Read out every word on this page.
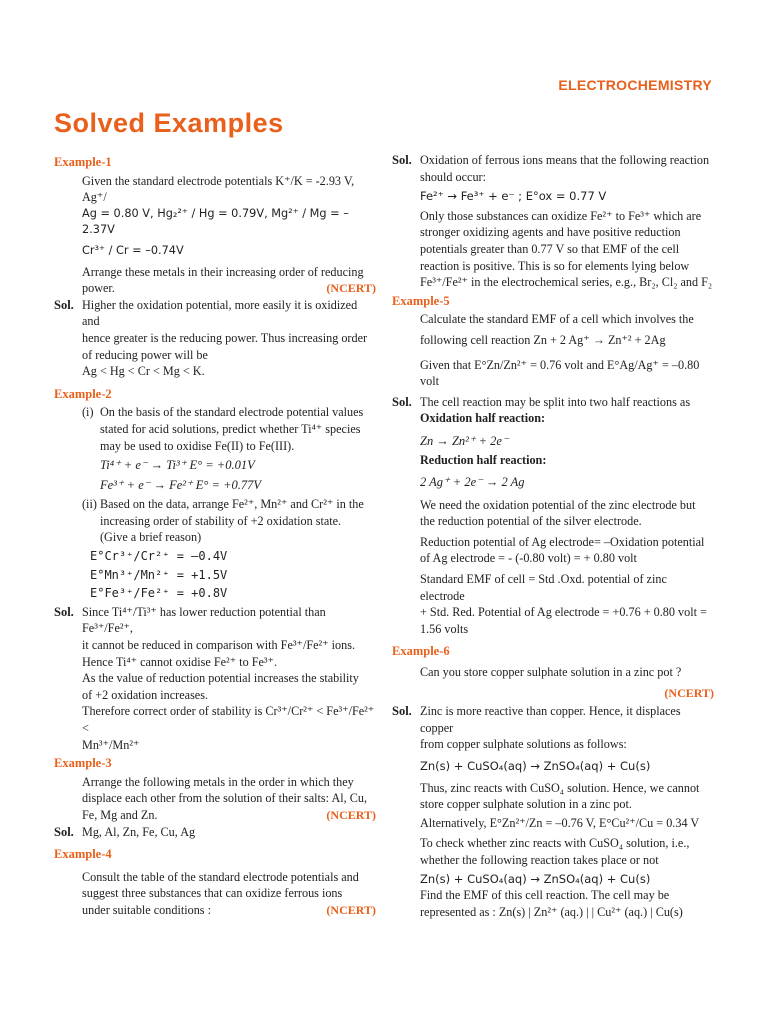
ELECTROCHEMISTRY
Solved Examples
Example-1

Given the standard electrode potentials K⁺/K = -2.93 V, Ag⁺/

Ag = 0.80 V, Hg₂²⁺ / Hg = 0.79V, Mg²⁺ / Mg = –2.37V

Cr³⁺ / Cr = –0.74V

Arrange these metals in their increasing order of reducing

power.	(NCERT)
Sol. Higher the oxidation potential, more easily it is oxidized and

hence greater is the reducing power. Thus increasing order

of reducing power will be

Ag < Hg < Cr < Mg < K.

Example-2
(i) On the basis of the standard electrode potential values

stated for acid solutions, predict whether Ti⁴⁺ species

may be used to oxidise Fe(II) to Fe(III).

Ti⁴⁺ + e⁻ → Ti³⁺ E° = +0.01V

Fe³⁺ + e⁻ → Fe²⁺ E° = +0.77V

(ii) Based on the data, arrange Fe²⁺, Mn²⁺ and Cr²⁺ in the

increasing order of stability of +2 oxidation state.

(Give a brief reason)

E°Cr³⁺/Cr²⁺ = –0.4V

E°Mn³⁺/Mn²⁺ = +1.5V

E°Fe³⁺/Fe²⁺ = +0.8V

Sol. Since Ti⁴⁺/Ti³⁺ has lower reduction potential than Fe³⁺/Fe²⁺,

it cannot be reduced in comparison with Fe³⁺/Fe²⁺ ions.

Hence Ti⁴⁺ cannot oxidise Fe²⁺ to Fe³⁺.

As the value of reduction potential increases the stability

of +2 oxidation increases.

Therefore correct order of stability is Cr³⁺/Cr²⁺ < Fe³⁺/Fe²⁺ <

Mn³⁺/Mn²⁺

Example-3

Arrange the following metals in the order in which they

displace each other from the solution of their salts: Al, Cu,

Fe, Mg and Zn.	(NCERT)
Sol. Mg, Al, Zn, Fe, Cu, Ag

Example-4

Consult the table of the standard electrode potentials and

suggest three substances that can oxidize ferrous ions

under suitable conditions :	(NCERT)
Sol. Oxidation of ferrous ions means that the following reaction

should occur:

Fe²⁺ → Fe³⁺ + e⁻ ; E°ox = 0.77 V

Only those substances can oxidize Fe²⁺ to Fe³⁺ which are

stronger oxidizing agents and have positive reduction

potentials greater than 0.77 V so that EMF of the cell

reaction is positive. This is so for elements lying below

Fe³⁺/Fe²⁺ in the electrochemical series, e.g., Br₂, Cl₂ and F₂

Example-5

Calculate the standard EMF of a cell which involves the

following cell reaction Zn + 2 Ag⁺ → Zn⁺² + 2Ag

Given that E°Zn/Zn²⁺ = 0.76 volt and E°Ag/Ag⁺ = –0.80 volt

Sol. The cell reaction may be split into two half reactions as

Oxidation half reaction:

Zn → Zn²⁺ + 2e⁻

Reduction half reaction:

2 Ag⁺ + 2e⁻ → 2 Ag

We need the oxidation potential of the zinc electrode but

the reduction potential of the silver electrode.

Reduction potential of Ag electrode= –Oxidation potential

of Ag electrode = - (-0.80 volt) = + 0.80 volt

Standard EMF of cell = Std .Oxd. potential of zinc electrode

+ Std. Red. Potential of Ag electrode = +0.76 + 0.80 volt =

1.56 volts

Example-6

Can you store copper sulphate solution in a zinc pot ?

(NCERT)

Sol. Zinc is more reactive than copper. Hence, it displaces copper

from copper sulphate solutions as follows:

Zn(s) + CuSO₄(aq) → ZnSO₄(aq) + Cu(s)

Thus, zinc reacts with CuSO₄ solution. Hence, we cannot

store copper sulphate solution in a zinc pot.

Alternatively, E°Zn²⁺/Zn = –0.76 V, E°Cu²⁺/Cu = 0.34 V

To check whether zinc reacts with CuSO₄ solution, i.e.,

whether the following reaction takes place or not

Zn(s) + CuSO₄(aq) → ZnSO₄(aq) + Cu(s)

Find the EMF of this cell reaction. The cell may be

represented as : Zn(s) | Zn²⁺ (aq.) | | Cu²⁺ (aq.) | Cu(s)
